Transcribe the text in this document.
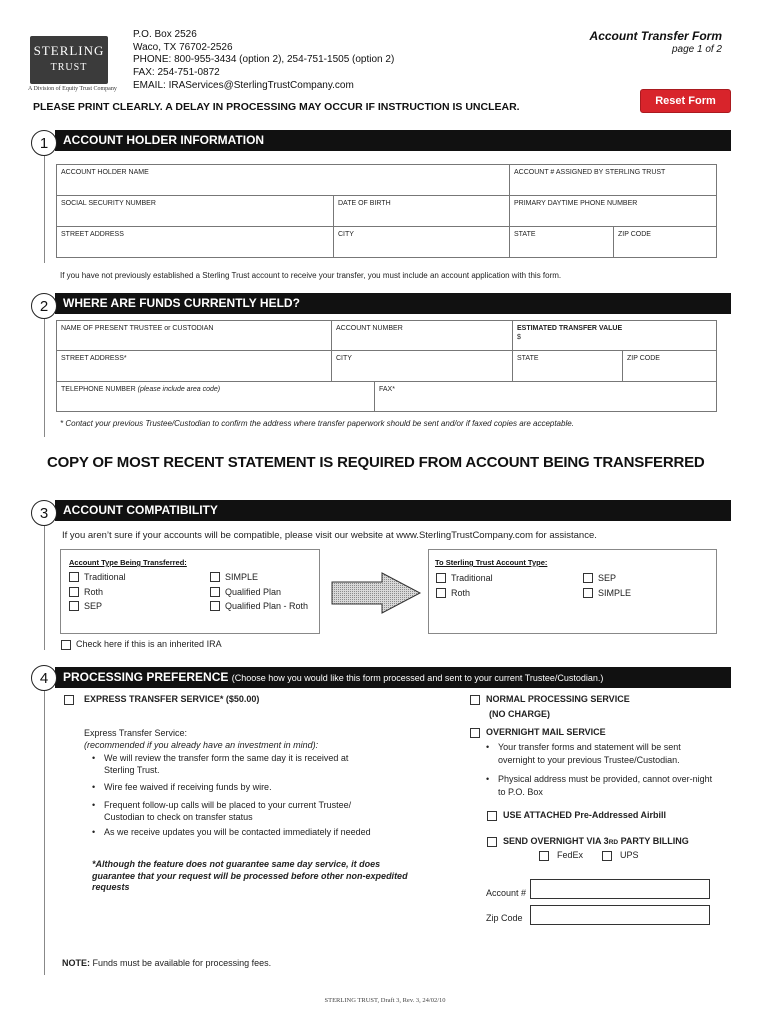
STERLING
TRUST
A Division of Equity Trust Company
P.O. Box 2526
Waco, TX 76702-2526
PHONE: 800-955-3434 (option 2), 254-751-1505 (option 2)
FAX: 254-751-0872
EMAIL: IRAServices@SterlingTrustCompany.com
Account Transfer Form
page 1 of 2
Reset Form
PLEASE PRINT CLEARLY. A DELAY IN PROCESSING MAY OCCUR IF INSTRUCTION IS UNCLEAR.
1	ACCOUNT HOLDER INFORMATION
ACCOUNT HOLDER NAME	ACCOUNT # ASSIGNED BY STERLING TRUST
SOCIAL SECURITY NUMBER	DATE OF BIRTH	PRIMARY DAYTIME PHONE NUMBER
STREET ADDRESS	CITY	STATE	ZIP CODE
If you have not previously established a Sterling Trust account to receive your transfer, you must include an account application with this form.
2	WHERE ARE FUNDS CURRENTLY HELD?
NAME OF PRESENT TRUSTEE or CUSTODIAN	ACCOUNT NUMBER	ESTIMATED TRANSFER VALUE
$
STREET ADDRESS*	CITY	STATE	ZIP CODE
TELEPHONE NUMBER (please include area code)	FAX*
* Contact your previous Trustee/Custodian to confirm the address where transfer paperwork should be sent and/or if faxed copies are acceptable.
COPY OF MOST RECENT STATEMENT IS REQUIRED FROM ACCOUNT BEING TRANSFERRED
3	ACCOUNT COMPATIBILITY
If you aren’t sure if your accounts will be compatible, please visit our website at www.SterlingTrustCompany.com for assistance.
Account Type Being Transferred:
Traditional
Roth
SEP
SIMPLE
Qualified Plan
Qualified Plan - Roth
To Sterling Trust Account Type:
Traditional
Roth
SEP
SIMPLE
Check here if this is an inherited IRA
4	PROCESSING PREFERENCE (Choose how you would like this form processed and sent to your current Trustee/Custodian.)
EXPRESS TRANSFER SERVICE* ($50.00)
Express Transfer Service:
(recommended if you already have an investment in mind):
• We will review the transfer form the same day it is received at Sterling Trust.
• Wire fee waived if receiving funds by wire.
• Frequent follow-up calls will be placed to your current Trustee/ Custodian to check on transfer status
• As we receive updates you will be contacted immediately if needed
*Although the feature does not guarantee same day service, it does guarantee that your request will be processed before other non-expedited requests
NOTE: Funds must be available for processing fees.
NORMAL PROCESSING SERVICE
(NO CHARGE)
OVERNIGHT MAIL SERVICE
• Your transfer forms and statement will be sent overnight to your previous Trustee/Custodian.
• Physical address must be provided, cannot over-night to P.O. Box
USE ATTACHED Pre-Addressed Airbill
SEND OVERNIGHT VIA 3RD PARTY BILLING
FedEx	UPS
Account #
Zip Code
STERLING TRUST, Draft 3, Rev. 3, 24/02/10
